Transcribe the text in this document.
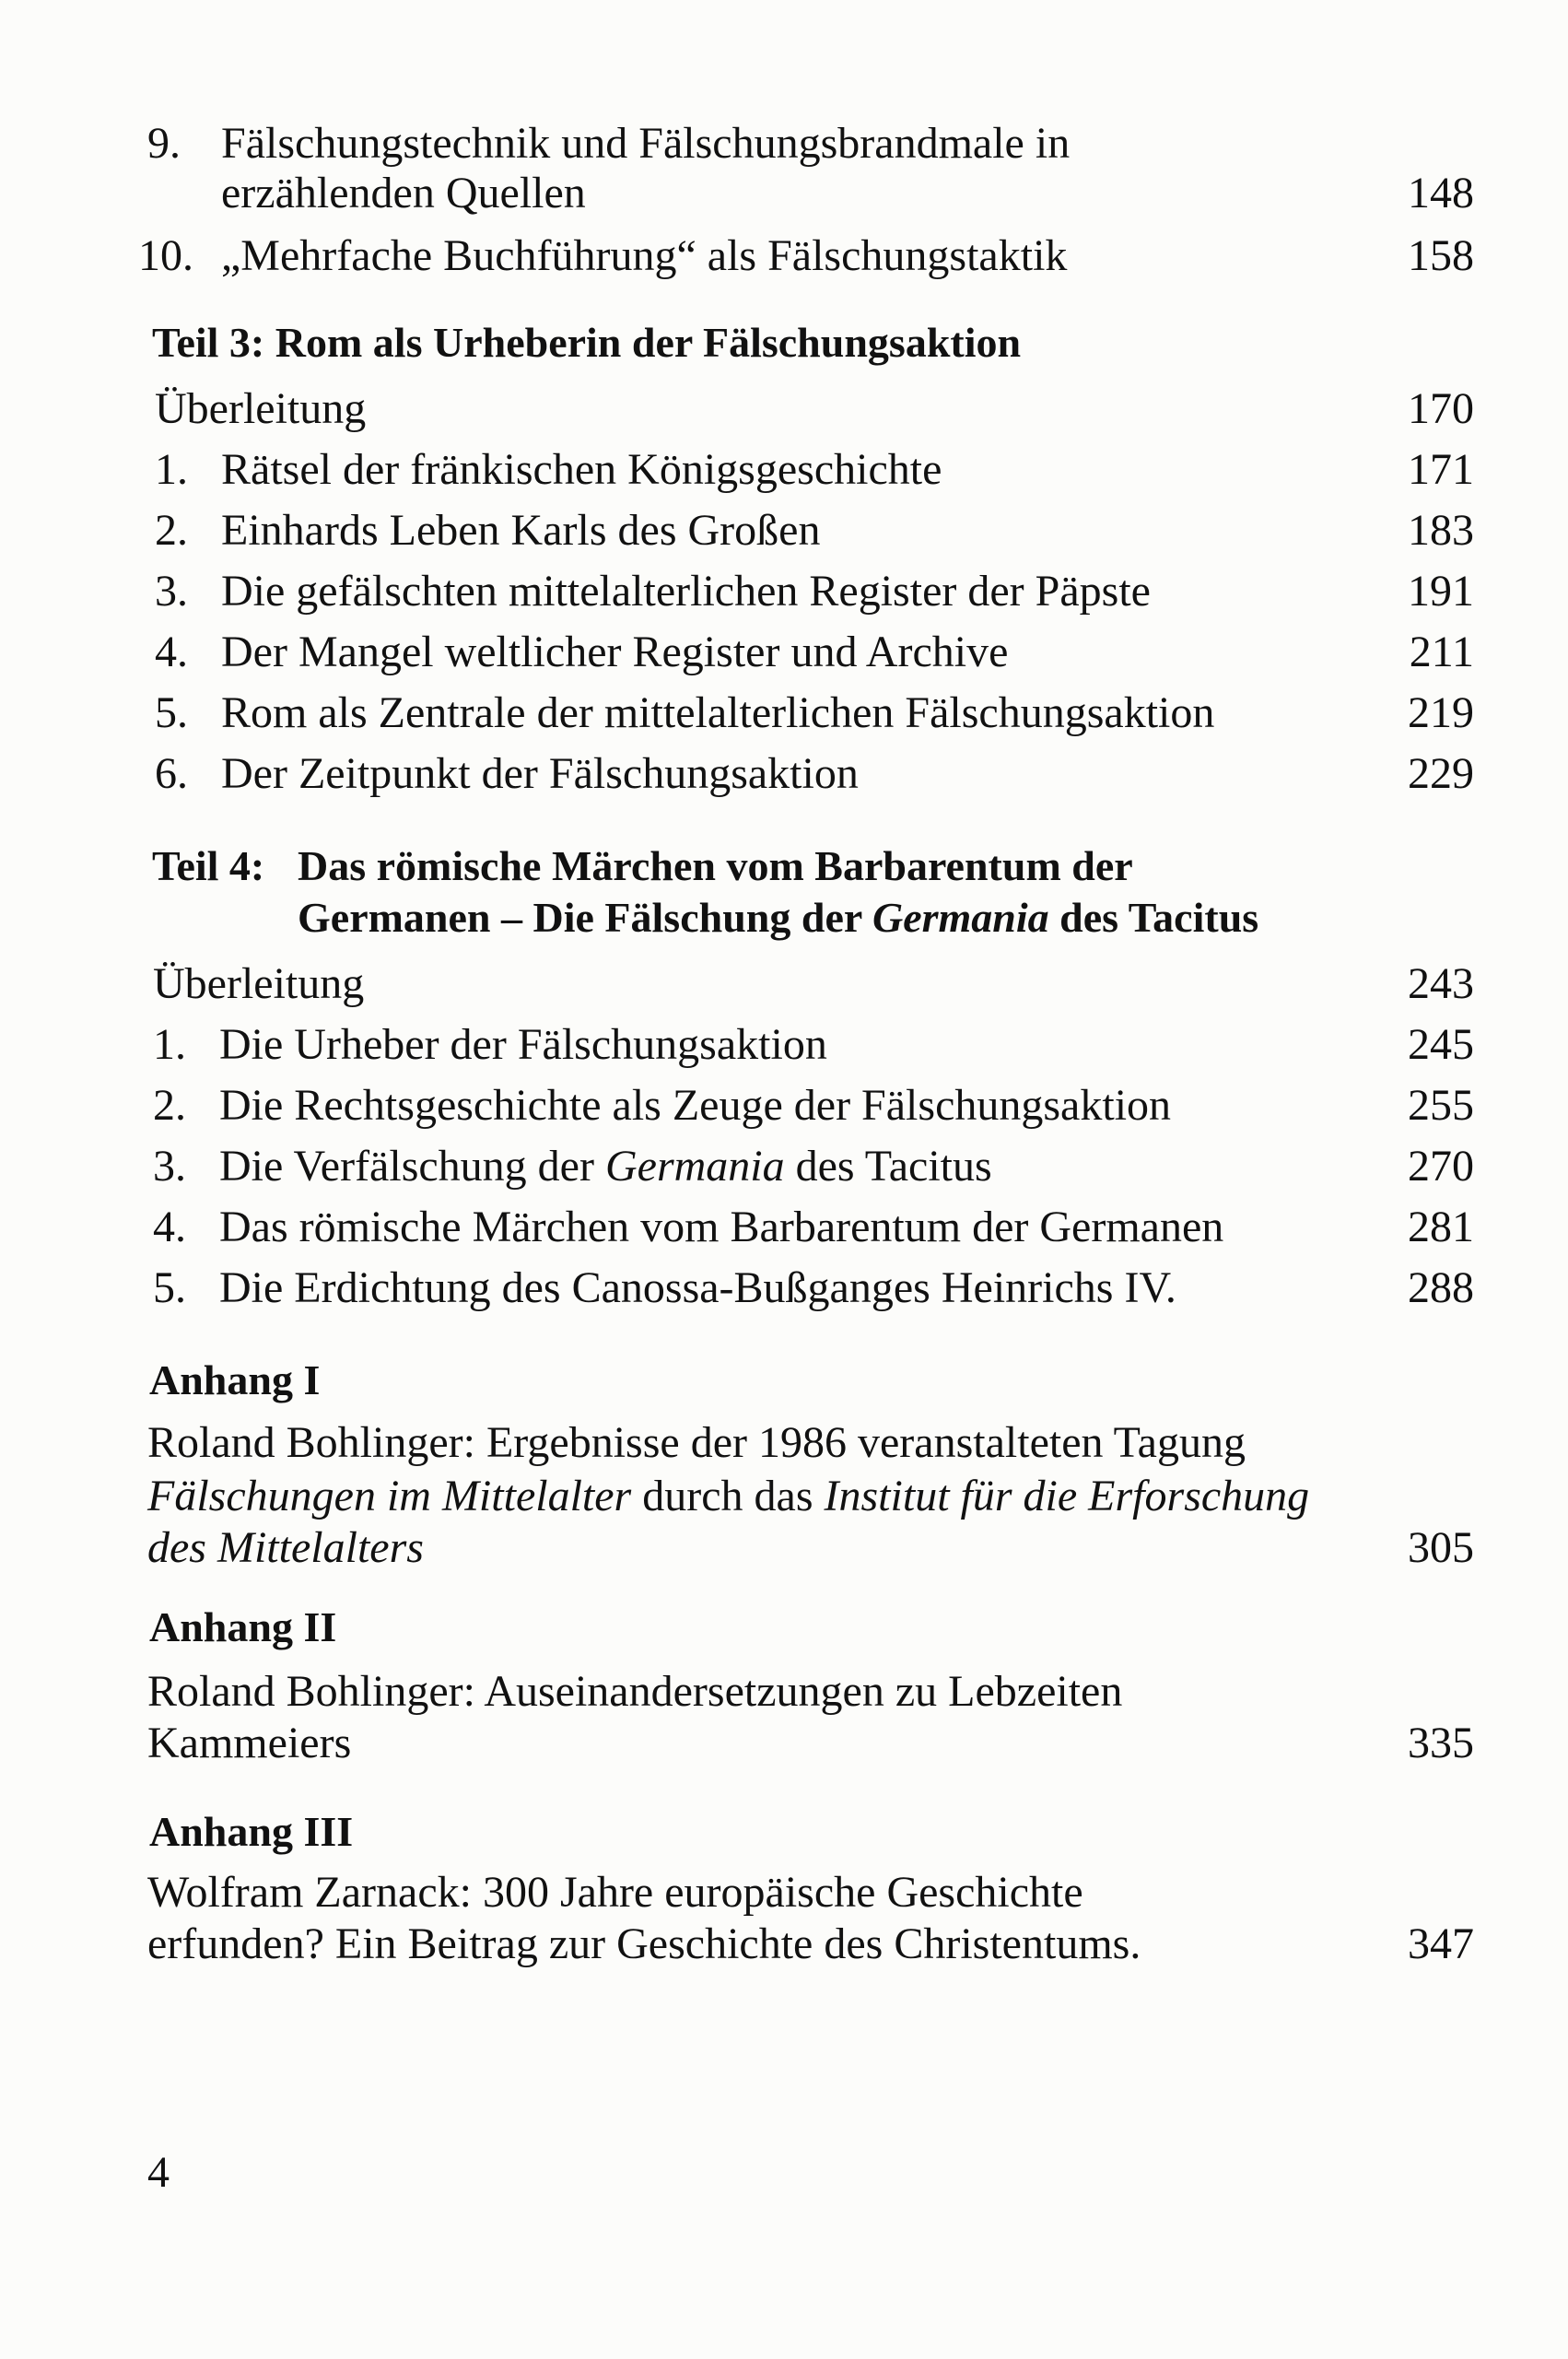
9. Fälschungstechnik und Fälschungsbrandmale in
erzählenden Quellen	148
10. „Mehrfache Buchführung“ als Fälschungstaktik	158
Teil 3: Rom als Urheberin der Fälschungsaktion
Überleitung	170
1. Rätsel der fränkischen Königsgeschichte	171
2. Einhards Leben Karls des Großen	183
3. Die gefälschten mittelalterlichen Register der Päpste	191
4. Der Mangel weltlicher Register und Archive	211
5. Rom als Zentrale der mittelalterlichen Fälschungsaktion	219
6. Der Zeitpunkt der Fälschungsaktion	229
Teil 4: Das römische Märchen vom Barbarentum der
Germanen – Die Fälschung der Germania des Tacitus
Überleitung	243
1. Die Urheber der Fälschungsaktion	245
2. Die Rechtsgeschichte als Zeuge der Fälschungsaktion	255
3. Die Verfälschung der Germania des Tacitus	270
4. Das römische Märchen vom Barbarentum der Germanen	281
5. Die Erdichtung des Canossa-Bußganges Heinrichs IV.	288
Anhang I
Roland Bohlinger: Ergebnisse der 1986 veranstalteten Tagung
Fälschungen im Mittelalter durch das Institut für die Erforschung
des Mittelalters	305
Anhang II
Roland Bohlinger: Auseinandersetzungen zu Lebzeiten
Kammeiers	335
Anhang III
Wolfram Zarnack: 300 Jahre europäische Geschichte
erfunden? Ein Beitrag zur Geschichte des Christentums.	347
4
